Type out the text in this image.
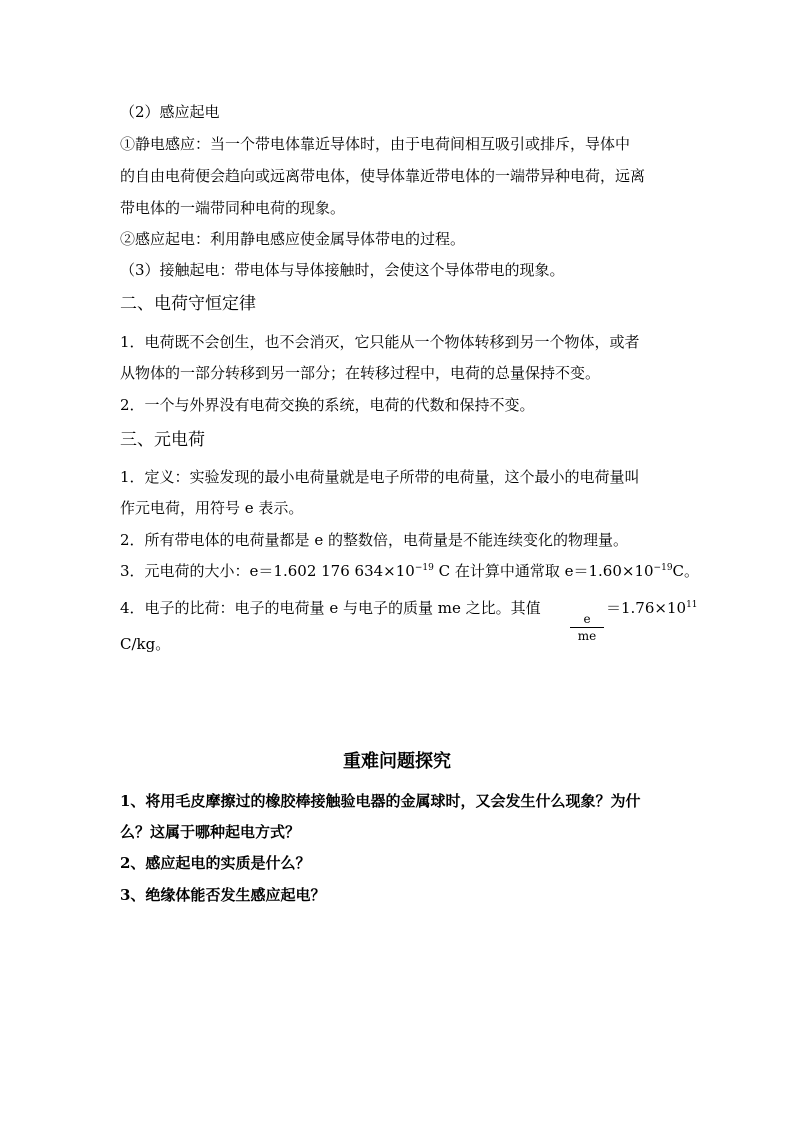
（2）感应起电
①静电感应：当一个带电体靠近导体时，由于电荷间相互吸引或排斥，导体中
的自由电荷便会趋向或远离带电体，使导体靠近带电体的一端带异种电荷，远离
带电体的一端带同种电荷的现象。
②感应起电：利用静电感应使金属导体带电的过程。
（3）接触起电：带电体与导体接触时，会使这个导体带电的现象。
二、电荷守恒定律
1．电荷既不会创生，也不会消灭，它只能从一个物体转移到另一个物体，或者
从物体的一部分转移到另一部分；在转移过程中，电荷的总量保持不变。
2．一个与外界没有电荷交换的系统，电荷的代数和保持不变。
三、元电荷
1．定义：实验发现的最小电荷量就是电子所带的电荷量，这个最小的电荷量叫
作元电荷，用符号 e 表示。
2．所有带电体的电荷量都是 e 的整数倍，电荷量是不能连续变化的物理量。
3．元电荷的大小：e＝1.602 176 $634\times 10^{-19}$ C 在计算中通常取 $e=1.60\times 10^{-19}C$。
4．电子的比荷：电子的电荷量 e 与电子的质量 me 之比。其值
e
me
$=1.76\times 10^{11}$
C/kg。
重难问题探究
1、将用毛皮摩擦过的橡胶棒接触验电器的金属球时，又会发生什么现象？为什
么？这属于哪种起电方式？
2、感应起电的实质是什么？
3、绝缘体能否发生感应起电？
